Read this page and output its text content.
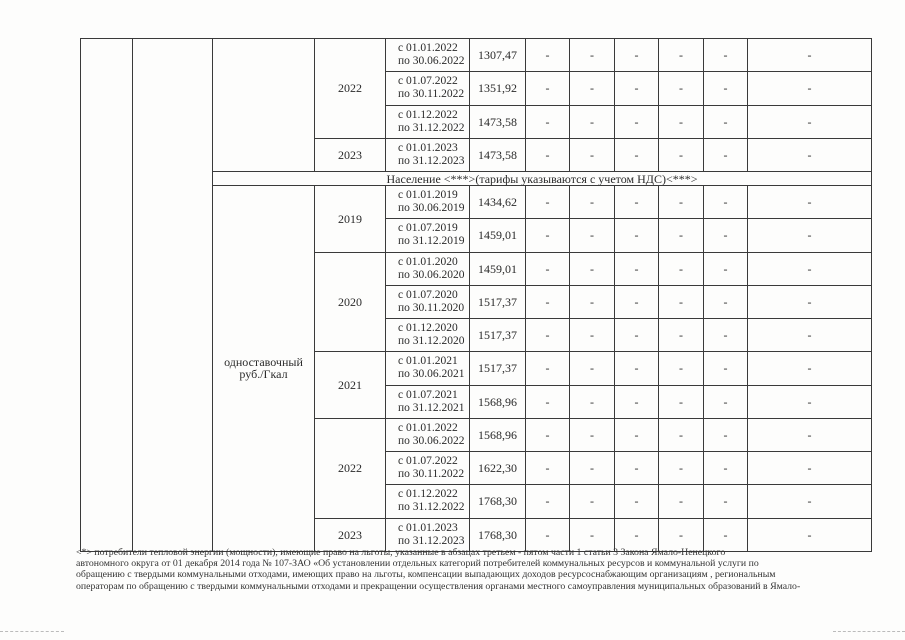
			2022	с 01.01.2022
по 30.06.2022	1307,47	-	-	-	-	-	-

				с 01.07.2022
по 30.11.2022	1351,92	-	-	-	-	-	-

				с 01.12.2022
по 31.12.2022	1473,58	-	-	-	-	-	-
			2023	с 01.01.2023
по 31.12.2023	1473,58	-	-	-	-	-	-
		Население <***>(тарифы указываются с учетом НДС)<***>									
		одноставочный
руб./Гкал	2019	с 01.01.2019
по 30.06.2019	1434,62	-	-	-	-	-	-

				с 01.07.2019
по 31.12.2019	1459,01	-	-	-	-	-	-
			2020	с 01.01.2020
по 30.06.2020	1459,01	-	-	-	-	-	-

				с 01.07.2020
по 30.11.2020	1517,37	-	-	-	-	-	-

				с 01.12.2020
по 31.12.2020	1517,37	-	-	-	-	-	-
			2021	с 01.01.2021
по 30.06.2021	1517,37	-	-	-	-	-	-

				с 01.07.2021
по 31.12.2021	1568,96	-	-	-	-	-	-
			2022	с 01.01.2022
по 30.06.2022	1568,96	-	-	-	-	-	-

				с 01.07.2022
по 30.11.2022	1622,30	-	-	-	-	-	-

				с 01.12.2022
по 31.12.2022	1768,30	-	-	-	-	-	-
			2023	с 01.01.2023
по 31.12.2023	1768,30	-	-	-	-	-	-

<*> потребители тепловой энергии (мощности), имеющие право на льготы, указанные в абзацах третьем - пятом части 1 статьи 3 Закона Ямало-Ненецкого

автономного округа от 01 декабря 2014 года № 107-ЗАО «Об установлении отдельных категорий потребителей коммунальных ресурсов и коммунальной услуги по

обращению с твердыми коммунальными отходами, имеющих право на льготы, компенсации выпадающих доходов ресурсоснабжающим организациям , региональным

операторам по обращению с твердыми коммунальными отходами и прекращении осуществления органами местного самоуправления муниципальных образований в Ямало-
